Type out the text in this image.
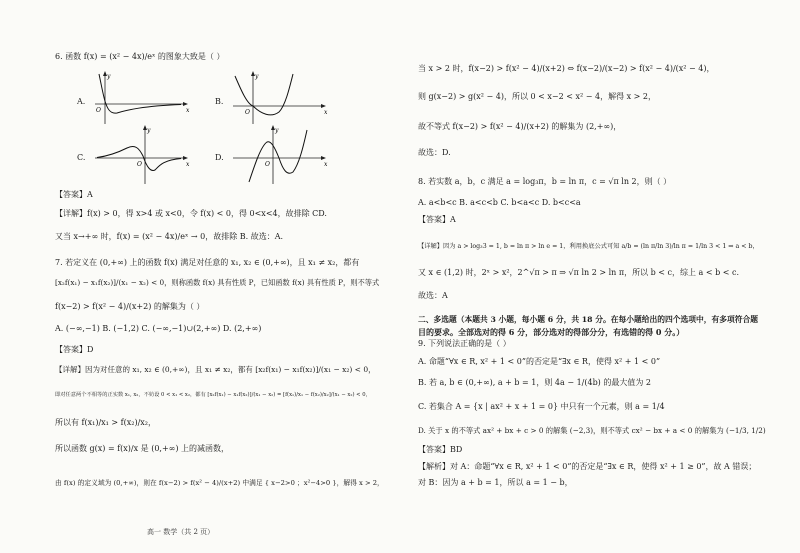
6. 函数 f(x) = (x² − 4x)/eˣ 的图象大致是（ ）
A.
y
x
O
B.
y
x
O
C.
y
x
O
D.
y
x
O
【答案】A
【详解】f(x) > 0，得 x>4 或 x<0，令 f(x) < 0，得 0<x<4，故排除 CD.
又当 x→+∞ 时，f(x) = (x² − 4x)/eˣ → 0，故排除 B. 故选：A.
7. 若定义在 (0,+∞) 上的函数 f(x) 满足对任意的 x₁, x₂ ∈ (0,+∞)，且 x₁ ≠ x₂，都有
[x₂f(x₁) − x₁f(x₂)]/(x₁ − x₂) < 0，则称函数 f(x) 具有性质 P，已知函数 f(x) 具有性质 P，则不等式
f(x−2) > f(x² − 4)/(x+2) 的解集为（ ）
A. (−∞,−1) B. (−1,2) C. (−∞,−1)∪(2,+∞) D. (2,+∞)
【答案】D
【详解】因为对任意的 x₁, x₂ ∈ (0,+∞)，且 x₁ ≠ x₂，都有 [x₂f(x₁) − x₁f(x₂)]/(x₁ − x₂) < 0，
即对任意两个不相等的正实数 x₁, x₂，不妨设 0 < x₁ < x₂，都有 [x₂f(x₁) − x₁f(x₂)]/(x₁ − x₂) = [f(x₁)/x₁ − f(x₂)/x₂]/(x₁ − x₂) < 0，
所以有 f(x₁)/x₁ > f(x₂)/x₂，
所以函数 g(x) = f(x)/x 是 (0,+∞) 上的减函数，
由 f(x) 的定义域为 (0,+∞)，则在 f(x−2) > f(x² − 4)/(x+2) 中满足 { x−2>0 ；x²−4>0 }，解得 x > 2，
当 x > 2 时，f(x−2) > f(x² − 4)/(x+2) ⇔ f(x−2)/(x−2) > f(x² − 4)/(x² − 4)，
则 g(x−2) > g(x² − 4)，所以 0 < x−2 < x² − 4，解得 x > 2，
故不等式 f(x−2) > f(x² − 4)/(x+2) 的解集为 (2,+∞)，
故选：D.
8. 若实数 a，b，c 满足 a = log₃π，b = ln π，c = √π ln 2，则（ ）
A. a<b<c B. a<c<b C. b<a<c D. b<c<a
【答案】A
【详解】因为 a > log₃3 = 1, b = ln π > ln e = 1，利用换底公式可知 a/b = (ln π/ln 3)/ln π = 1/ln 3 < 1 ⇒ a < b，
又 x ∈ (1,2) 时，2ˣ > x²，2^√π > π ⇒ √π ln 2 > ln π，所以 b < c，综上 a < b < c.
故选：A
二、多选题（本题共 3 小题，每小题 6 分，共 18 分。在每小题给出的四个选项中，有多项符合题
目的要求。全部选对的得 6 分，部分选对的得部分分，有选错的得 0 分。）
9. 下列说法正确的是（ ）
A. 命题“∀x ∈ R, x² + 1 < 0”的否定是“∃x ∈ R，使得 x² + 1 < 0”
B. 若 a, b ∈ (0,+∞), a + b = 1，则 4a − 1/(4b) 的最大值为 2
C. 若集合 A = {x | ax² + x + 1 = 0} 中只有一个元素，则 a = 1/4
D. 关于 x 的不等式 ax² + bx + c > 0 的解集 (−2,3)，则不等式 cx² − bx + a < 0 的解集为 (−1/3, 1/2)
【答案】BD
【解析】对 A：命题“∀x ∈ R, x² + 1 < 0”的否定是“∃x ∈ R，使得 x² + 1 ≥ 0”，故 A 错误；
对 B：因为 a + b = 1，所以 a = 1 − b，
高一 数学（共 2 页）
